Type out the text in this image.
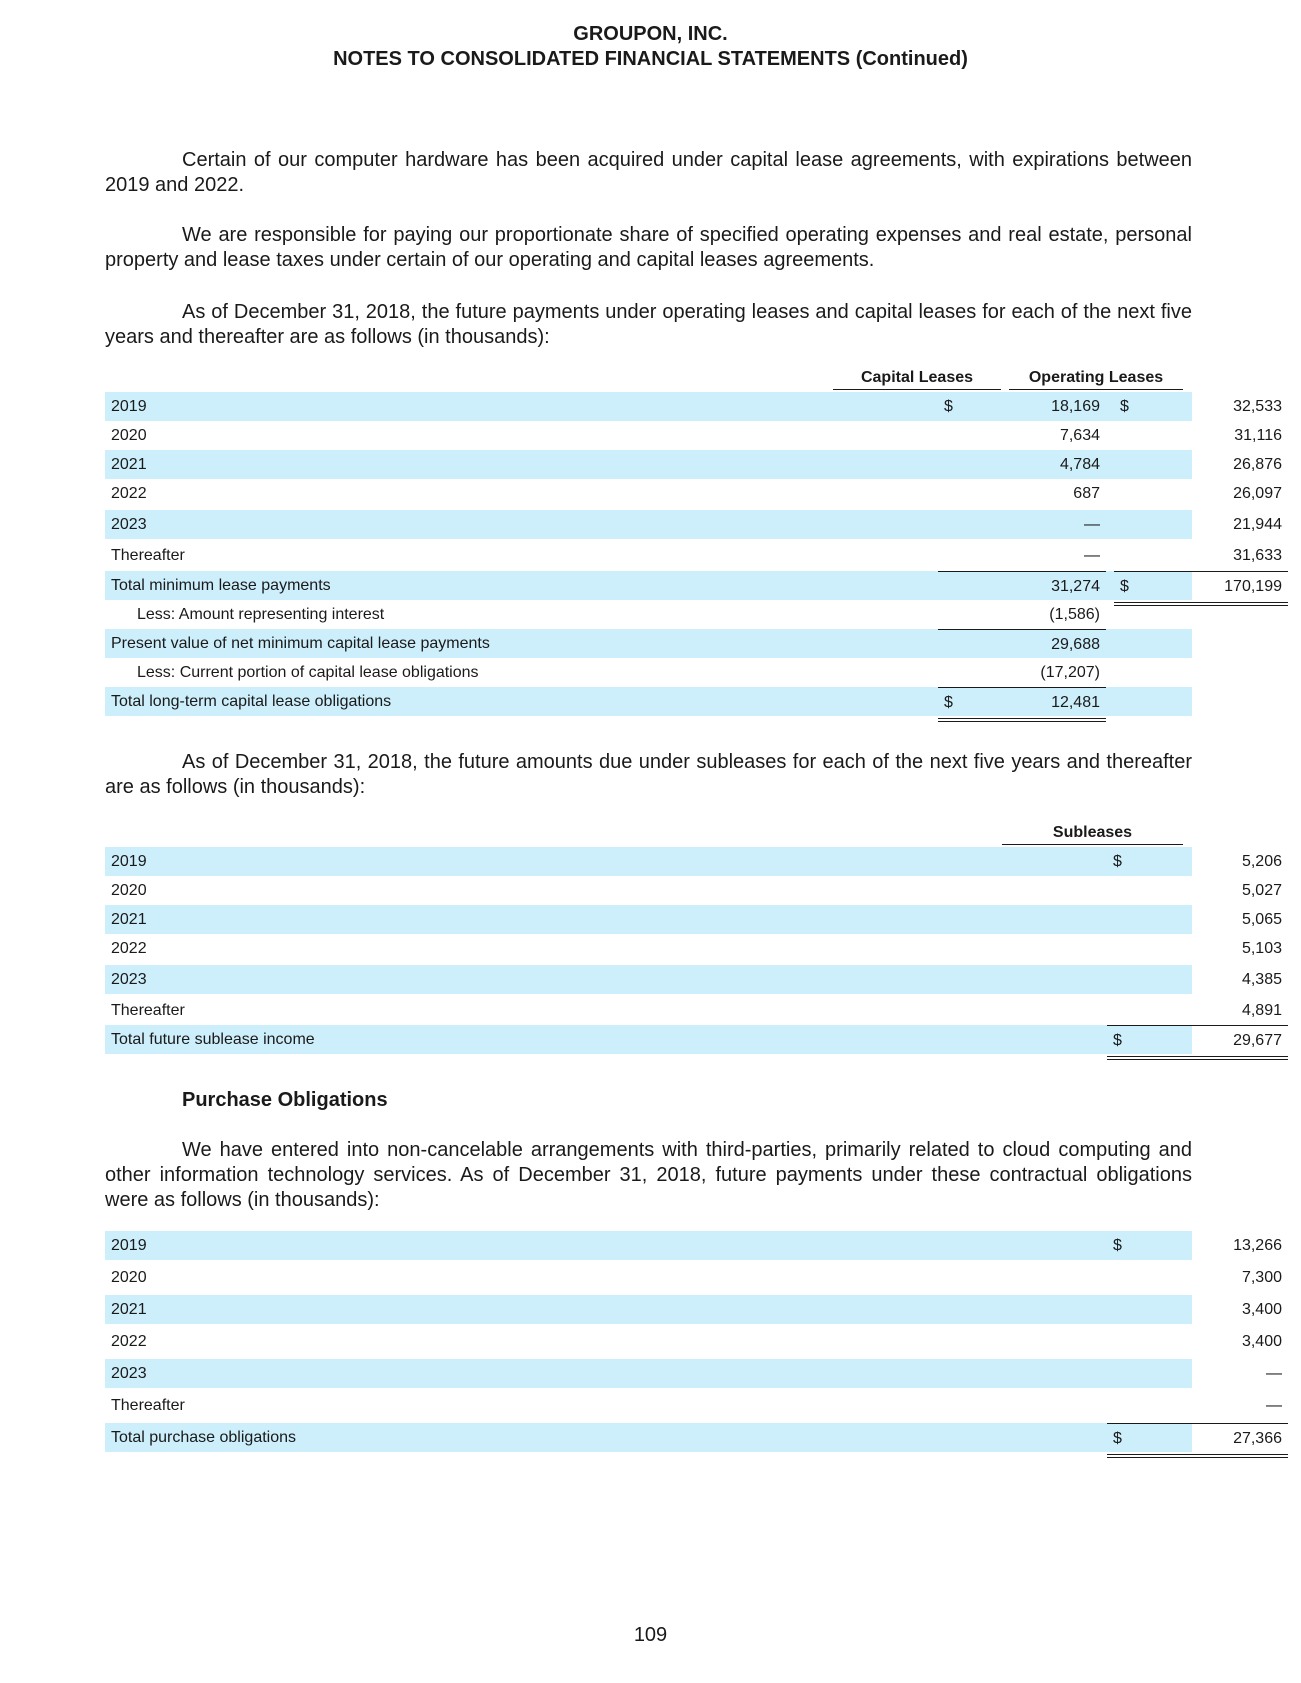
GROUPON, INC.
NOTES TO CONSOLIDATED FINANCIAL STATEMENTS (Continued)

Certain of our computer hardware has been acquired under capital lease agreements, with expirations between 2019 and 2022.

We are responsible for paying our proportionate share of specified operating expenses and real estate, personal property and lease taxes under certain of our operating and capital leases agreements.

As of December 31, 2018, the future payments under operating leases and capital leases for each of the next five years and thereafter are as follows (in thousands):

Capital Leases	Operating Leases
2019	$	18,169 $	32,533
2020	7,634	31,116
2021	4,784	26,876
2022	687	26,097
2023	—	21,944
Thereafter	—	31,633
Total minimum lease payments	31,274 $	170,199
Less: Amount representing interest	(1,586)
Present value of net minimum capital lease payments	29,688
Less: Current portion of capital lease obligations	(17,207)
Total long-term capital lease obligations	$	12,481

As of December 31, 2018, the future amounts due under subleases for each of the next five years and thereafter are as follows (in thousands):

Subleases
2019	$	5,206
2020	5,027
2021	5,065
2022	5,103
2023	4,385
Thereafter	4,891
Total future sublease income	$	29,677
Purchase Obligations

We have entered into non-cancelable arrangements with third-parties, primarily related to cloud computing and other information technology services. As of December 31, 2018, future payments under these contractual obligations were as follows (in thousands):

2019	$	13,266
2020	7,300
2021	3,400
2022	3,400
2023	—
Thereafter	—
Total purchase obligations	$	27,366
109
